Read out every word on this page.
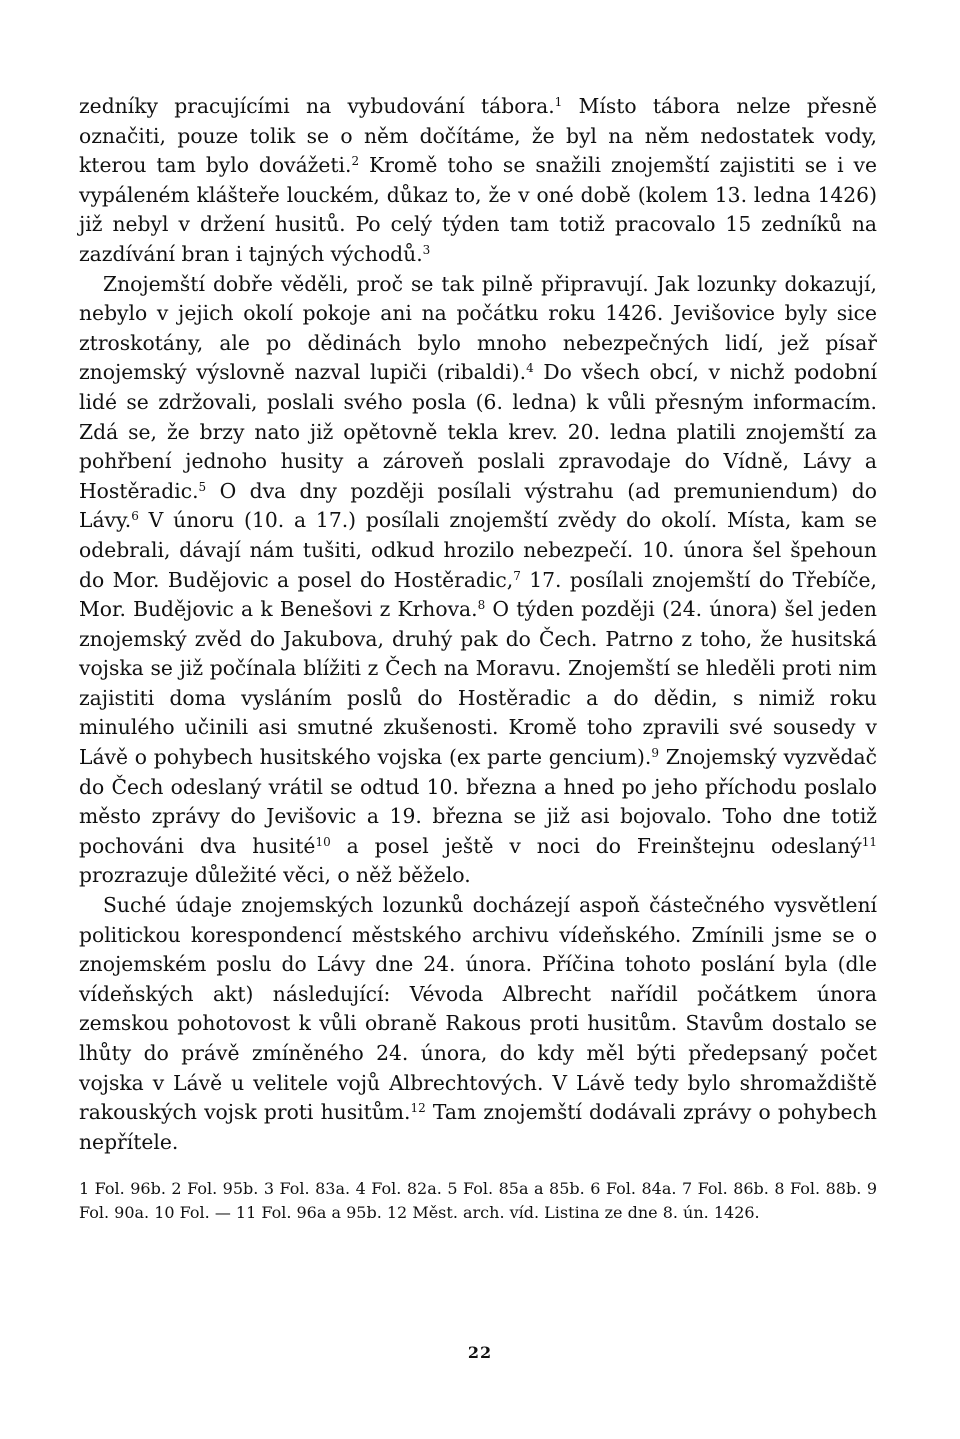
zedníky pracujícími na vybudování tábora.$^1$ Místo tábora nelze přesně označiti, pouze tolik se o něm dočítáme, že byl na něm nedostatek vody, kterou tam bylo dovážeti.$^2$ Kromě toho se snažili znojemští zajistiti se i ve vypáleném klášteře louckém, důkaz to, že v oné době (kolem 13. ledna 1426) již nebyl v držení husitů. Po celý týden tam totiž pracovalo 15 zedníků na zazdívání bran i tajných východů.$^3$

Znojemští dobře věděli, proč se tak pilně připravují. Jak lozunky dokazují, nebylo v jejich okolí pokoje ani na počátku roku 1426. Jevišovice byly sice ztroskotány, ale po dědinách bylo mnoho nebezpečných lidí, jež písař znojemský výslovně nazval lupiči (ribaldi).$^4$ Do všech obcí, v nichž podobní lidé se zdržovali, poslali svého posla (6. ledna) k vůli přesným informacím. Zdá se, že brzy nato již opětovně tekla krev. 20. ledna platili znojemští za pohřbení jednoho husity a zároveň poslali zpravodaje do Vídně, Lávy a Hostěradic.$^5$ O dva dny později posílali výstrahu (ad premuniendum) do Lávy.$^6$ V únoru (10. a 17.) posílali znojemští zvědy do okolí. Místa, kam se odebrali, dávají nám tušiti, odkud hrozilo nebezpečí. 10. února šel špehoun do Mor. Budějovic a posel do Hostěradic,$^7$ 17. posílali znojemští do Třebíče, Mor. Budějovic a k Benešovi z Krhova.$^8$ O týden později (24. února) šel jeden znojemský zvěd do Jakubova, druhý pak do Čech. Patrno z toho, že husitská vojska se již počínala blížiti z Čech na Moravu. Znojemští se hleděli proti nim zajistiti doma vysláním poslů do Hostěradic a do dědin, s nimiž roku minulého učinili asi smutné zkušenosti. Kromě toho zpravili své sousedy v Lávě o pohybech husitského vojska (ex parte gencium).$^9$ Znojemský vyzvědač do Čech odeslaný vrátil se odtud 10. března a hned po jeho příchodu poslalo město zprávy do Jevišovic a 19. března se již asi bojovalo. Toho dne totiž pochováni dva husité$^{10}$ a posel ještě v noci do Freinštejnu odeslaný$^{11}$ prozrazuje důležité věci, o něž běželo.

Suché údaje znojemských lozunků docházejí aspoň částečného vysvětlení politickou korespondencí městského archivu vídeňského. Zmínili jsme se o znojemském poslu do Lávy dne 24. února. Příčina tohoto poslání byla (dle vídeňských akt) následující: Vévoda Albrecht nařídil počátkem února zemskou pohotovost k vůli obraně Rakous proti husitům. Stavům dostalo se lhůty do právě zmíněného 24. února, do kdy měl býti předepsaný počet vojska v Lávě u velitele vojů Albrechtových. V Lávě tedy bylo shromaždiště rakouských vojsk proti husitům.$^{12}$ Tam znojemští dodávali zprávy o pohybech nepřítele.

1 Fol. 96b. 2 Fol. 95b. 3 Fol. 83a. 4 Fol. 82a. 5 Fol. 85a a 85b. 6 Fol. 84a. 7 Fol. 86b. 8 Fol. 88b. 9 Fol. 90a. 10 Fol. — 11 Fol. 96a a 95b. 12 Měst. arch. víd. Listina ze dne 8. ún. 1426.
22
